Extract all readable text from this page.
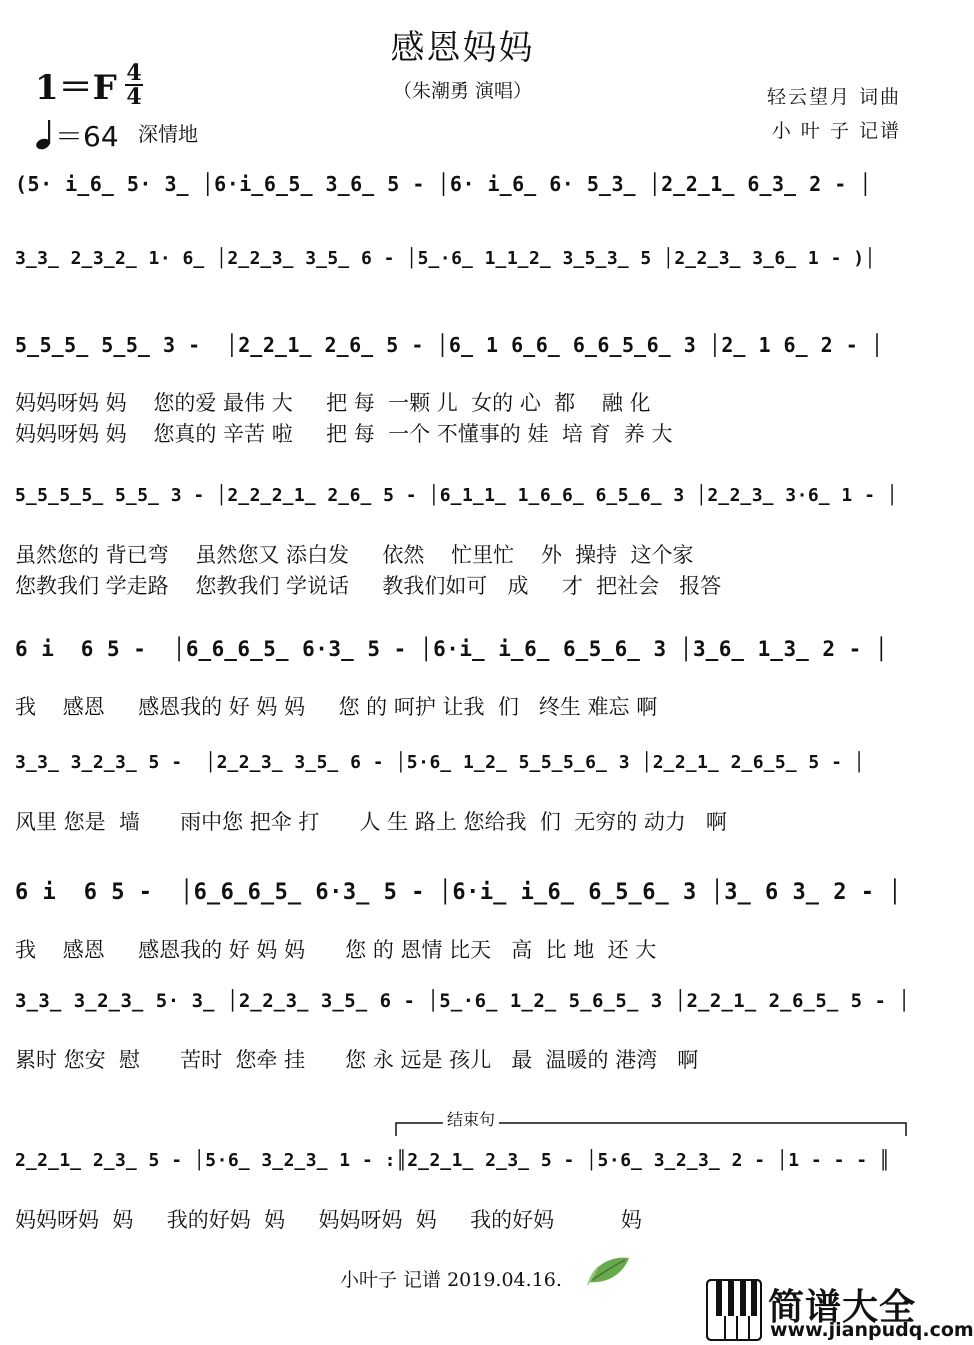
感恩妈妈
（朱潮勇 演唱）
1＝F 4
4
＝64 深情地
轻云望月 词曲
小 叶 子 记谱
(5· i̲6̲ 5· 3̲ │6·i̲6̲5̲ 3̲6̲ 5 - │6· i̲6̲ 6· 5̲3̲ │2̲2̲1̲ 6̲3̲ 2 - │
3̲3̲ 2̲3̲2̲ 1· 6̲ │2̲2̲3̲ 3̲5̲ 6 - │5̲·6̲ 1̲1̲2̲ 3̲5̲3̲ 5 │2̲2̲3̲ 3̲6̲ 1 - )│
5̲5̲5̲ 5̲5̲ 3 -  │2̲2̲1̲ 2̲6̲ 5 - │6̲ 1 6̲6̲ 6̲6̲5̲6̲ 3 │2̲ 1 6̲ 2 - │
妈妈呀妈 妈    您的爱 最伟 大     把 每  一颗 儿  女的 心  都    融 化
妈妈呀妈 妈    您真的 辛苦 啦     把 每  一个 不懂事的 娃  培 育  养 大
5̲5̲5̲5̲ 5̲5̲ 3 - │2̲2̲2̲1̲ 2̲6̲ 5 - │6̲1̲1̲ 1̲6̲6̲ 6̲5̲6̲ 3 │2̲2̲3̲ 3·6̲ 1 - │
虽然您的 背已弯    虽然您又 添白发     依然    忙里忙    外  操持  这个家
您教我们 学走路    您教我们 学说话     教我们如可   成     才  把社会   报答
6 i  6 5 -  │6̲6̲6̲5̲ 6·3̲ 5 - │6·i̲ i̲6̲ 6̲5̲6̲ 3 │3̲6̲ 1̲3̲ 2 - │
我    感恩     感恩我的 好 妈 妈     您 的 呵护 让我  们   终生 难忘 啊
3̲3̲ 3̲2̲3̲ 5 -  │2̲2̲3̲ 3̲5̲ 6 - │5·6̲ 1̲2̲ 5̲5̲5̲6̲ 3 │2̲2̲1̲ 2̲6̲5̲ 5 - │
风里 您是  墙      雨中您 把伞 打      人 生 路上 您给我  们  无穷的 动力   啊
6 i  6 5 -  │6̲6̲6̲5̲ 6·3̲ 5 - │6·i̲ i̲6̲ 6̲5̲6̲ 3 │3̲ 6 3̲ 2 - │
我    感恩     感恩我的 好 妈 妈      您 的 恩情 比天   高  比 地  还 大
3̲3̲ 3̲2̲3̲ 5· 3̲ │2̲2̲3̲ 3̲5̲ 6 - │5̲·6̲ 1̲2̲ 5̲6̲5̲ 3 │2̲2̲1̲ 2̲6̲5̲ 5 - │
累时 您安  慰      苦时  您牵 挂      您 永 远是 孩儿   最  温暖的 港湾   啊
2̲2̲1̲ 2̲3̲ 5 - │5·6̲ 3̲2̲3̲ 1 - :║2̲2̲1̲ 2̲3̲ 5 - │5·6̲ 3̲2̲3̲ 2 - │1 - - - ║
妈妈呀妈  妈     我的好妈  妈     妈妈呀妈  妈     我的好妈          妈
结束句
小叶子 记谱 2019.04.16.
简谱大全
www.jianpudq.com
